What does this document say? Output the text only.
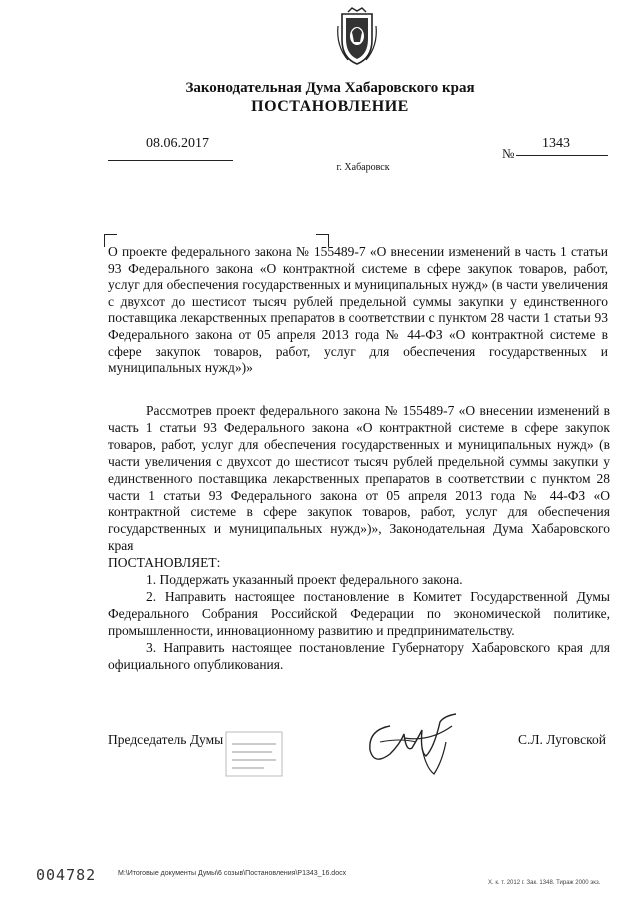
Законодательная Дума Хабаровского края
ПОСТАНОВЛЕНИЕ
08.06.2017
№
1343
г. Хабаровск
О проекте федерального закона № 155489-7 «О внесении изменений в часть 1 статьи 93 Федерального закона «О контрактной системе в сфере закупок товаров, работ, услуг для обеспечения государственных и муниципальных нужд» (в части увеличения с двухсот до шестисот тысяч рублей предельной суммы закупки у единственного поставщика лекарственных препаратов в соответствии с пунктом 28 части 1 статьи 93 Федерального закона от 05 апреля 2013 года № 44-ФЗ «О контрактной системе в сфере закупок товаров, работ, услуг для обеспечения государственных и муниципальных нужд»)»

Рассмотрев проект федерального закона № 155489-7 «О внесении изменений в часть 1 статьи 93 Федерального закона «О контрактной системе в сфере закупок товаров, работ, услуг для обеспечения государственных и муниципальных нужд» (в части увеличения с двухсот до шестисот тысяч рублей предельной суммы закупки у единственного поставщика лекарственных препаратов в соответствии с пунктом 28 части 1 статьи 93 Федерального закона от 05 апреля 2013 года № 44-ФЗ «О контрактной системе в сфере закупок товаров, работ, услуг для обеспечения государственных и муниципальных нужд»)», Законодательная Дума Хабаровского края

ПОСТАНОВЛЯЕТ:

1. Поддержать указанный проект федерального закона.

2. Направить настоящее постановление в Комитет Государственной Думы Федерального Собрания Российской Федерации по экономической политике, промышленности, инновационному развитию и предпринимательству.

3. Направить настоящее постановление Губернатору Хабаровского края для официального опубликования.

Председатель Думы	С.Л. Луговской
004782	M:\Итоговые документы Думы\6 созыв\Постановления\P1343_16.docx
Х. к. т. 2012 г. Зак. 1348. Тираж 2000 экз.
